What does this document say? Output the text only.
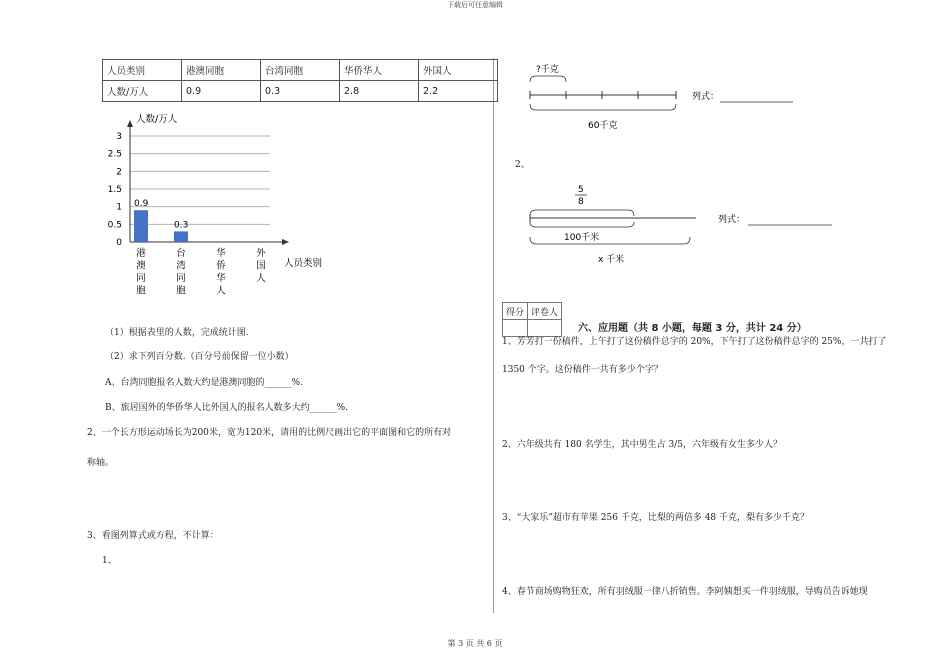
下载后可任意编辑
人员类别	港澳同胞	台湾同胞	华侨华人	外国人
人数/万人	0.9	0.3	2.8	2.2
0
0.5
1
1.5
2
2.5
3
人数/万人
人员类别
0.9
港澳同胞
0.3
台湾同胞
华侨华人
外国人
（1）根据表里的人数，完成统计图.
（2）求下列百分数.（百分号前保留一位小数）
A、台湾同胞报名人数大约是港澳同胞的______%.
B、旅居国外的华侨华人比外国人的报名人数多大约______%.
2、一个长方形运动场长为200米，宽为120米，请用的比例尺画出它的平面图和它的所有对
称轴。
3、看图列算式或方程，不计算：
1、
?千克
60千克
列式：
2、
5
8
100千米
x 千米
列式：
得分	评卷人

六、应用题（共 8 小题，每题 3 分，共计 24 分）
1、芳芳打一份稿件，上午打了这份稿件总字的 20%，下午打了这份稿件总字的 25%，一共打了
1350 个字。这份稿件一共有多少个字？
2、六年级共有 180 名学生，其中男生占 3/5，六年级有女生多少人？
3、“大家乐”超市有苹果 256 千克，比梨的两倍多 48 千克，梨有多少千克？
4、春节商场购物狂欢，所有羽绒服一律八折销售。李阿姨想买一件羽绒服，导购员告诉她现
第 3 页 共 6 页
